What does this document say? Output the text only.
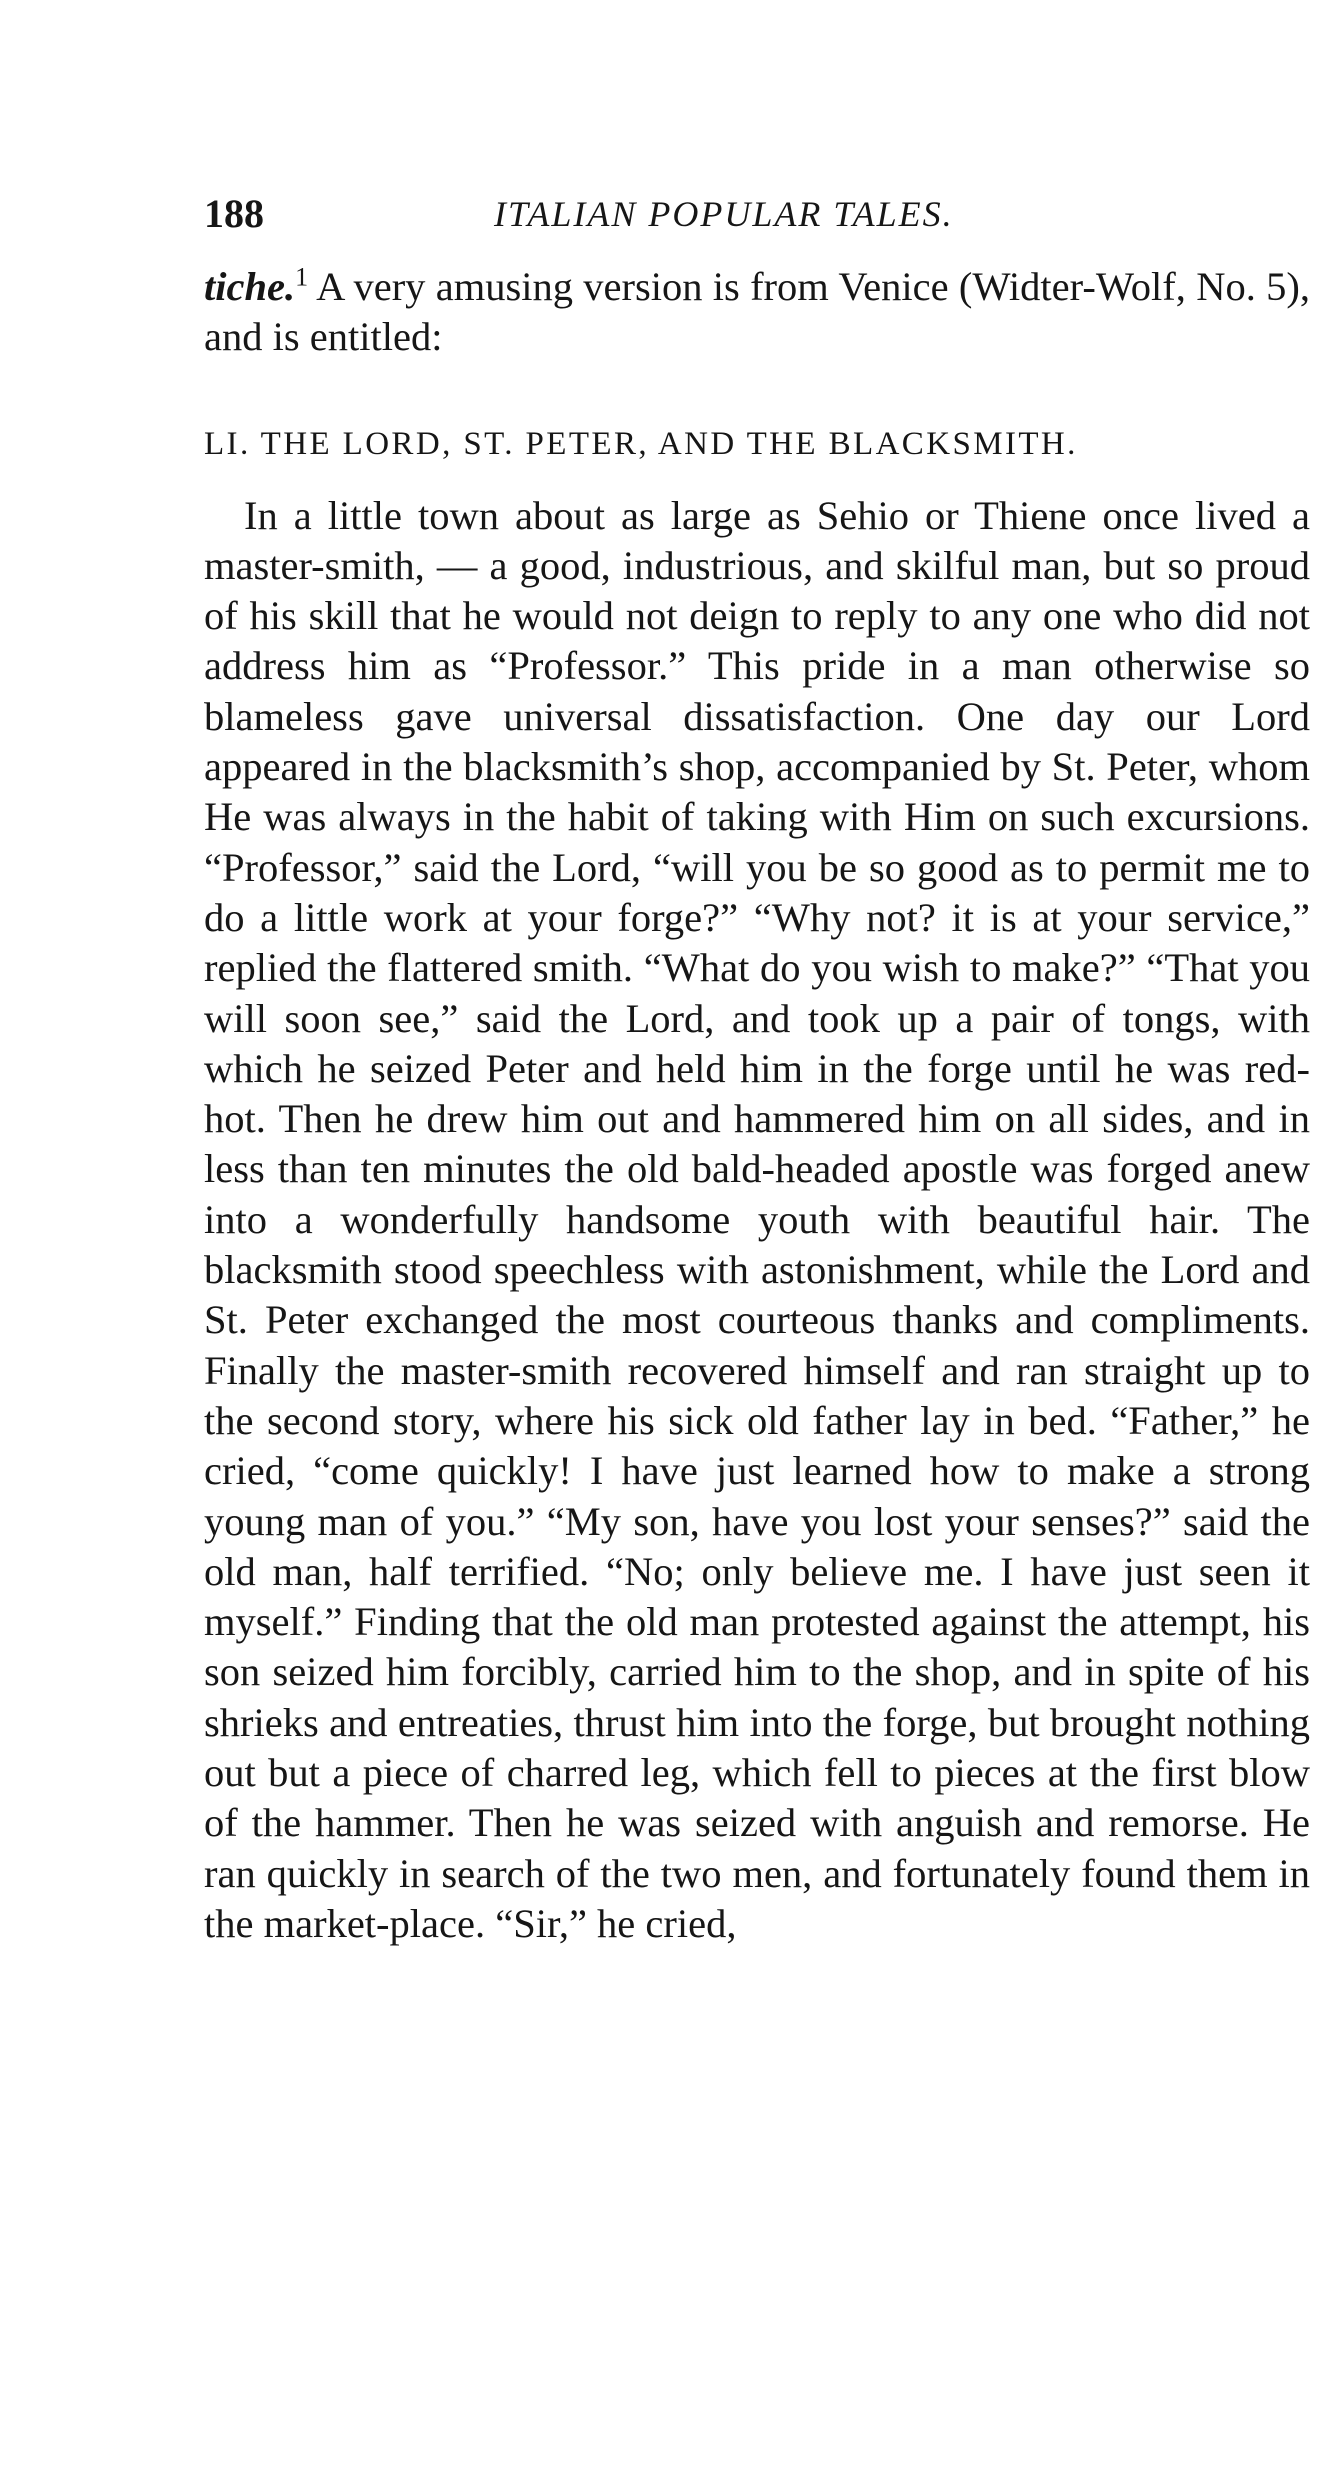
188	ITALIAN POPULAR TALES.

tiche.$^1$ A very amusing version is from Venice (Widter-Wolf, No. 5), and is entitled:

LI. THE LORD, ST. PETER, AND THE BLACKSMITH.

In a little town about as large as Sehio or Thiene once lived a master-smith, — a good, industrious, and skilful man, but so proud of his skill that he would not deign to reply to any one who did not address him as “Professor.” This pride in a man otherwise so blameless gave universal dissatisfaction. One day our Lord appeared in the blacksmith’s shop, accompanied by St. Peter, whom He was always in the habit of taking with Him on such excursions. “Professor,” said the Lord, “will you be so good as to permit me to do a little work at your forge?” “Why not? it is at your service,” replied the flattered smith. “What do you wish to make?” “That you will soon see,” said the Lord, and took up a pair of tongs, with which he seized Peter and held him in the forge until he was red-hot. Then he drew him out and hammered him on all sides, and in less than ten minutes the old bald-headed apostle was forged anew into a wonderfully handsome youth with beautiful hair. The blacksmith stood speechless with astonishment, while the Lord and St. Peter exchanged the most courteous thanks and compliments. Finally the master-smith recovered himself and ran straight up to the second story, where his sick old father lay in bed. “Father,” he cried, “come quickly! I have just learned how to make a strong young man of you.” “My son, have you lost your senses?” said the old man, half terrified. “No; only believe me. I have just seen it myself.” Finding that the old man protested against the attempt, his son seized him forcibly, carried him to the shop, and in spite of his shrieks and entreaties, thrust him into the forge, but brought nothing out but a piece of charred leg, which fell to pieces at the first blow of the hammer. Then he was seized with anguish and remorse. He ran quickly in search of the two men, and fortunately found them in the market-place. “Sir,” he cried,
